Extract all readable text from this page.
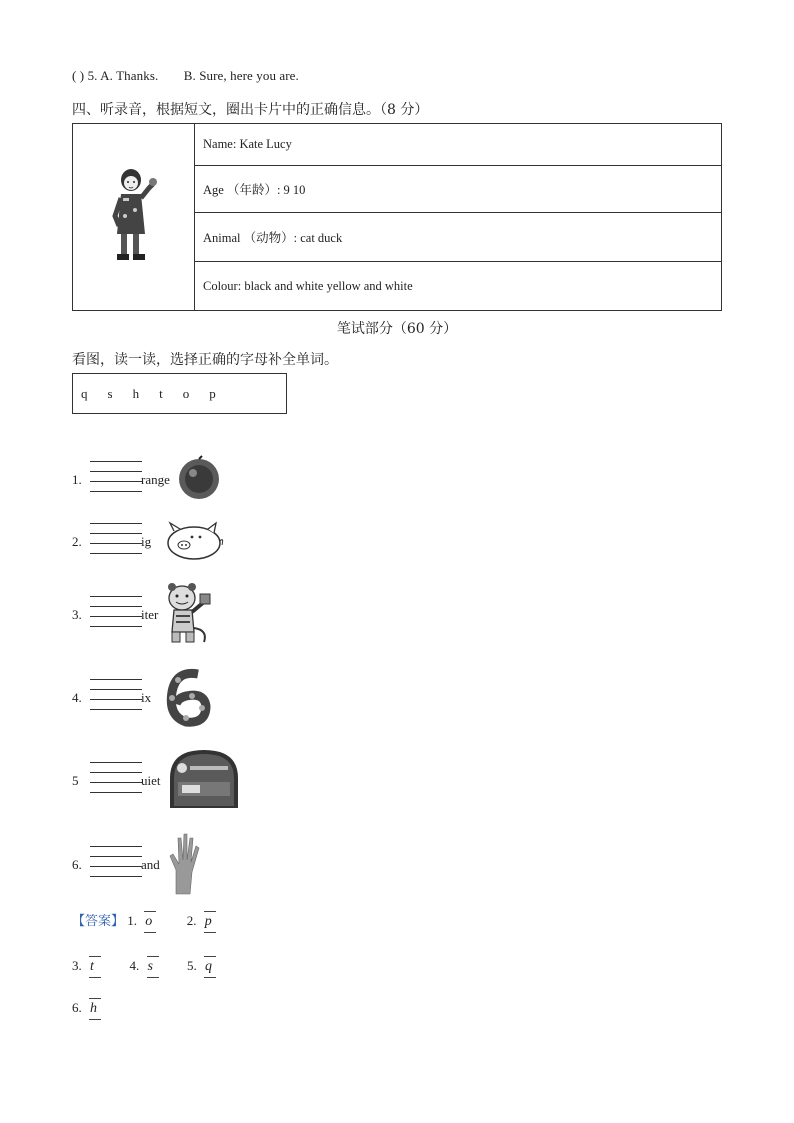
( ) 5. A. Thanks. B. Sure, here you are.
四、听录音，根据短文，圈出卡片中的正确信息。（8 分）
	Name: Kate Lucy
Age （年龄）: 9 10
Animal （动物）: cat duck
Colour: black and white yellow and white
笔试部分（60 分）
看图，读一读，选择正确的字母补全单词。
q s h t o p
1.	range
2.	ig
3.	iter
4.	ix
5	uiet
6.	and
【答案】 1. o	2. p
3. t	4. s	5. q
6. h
